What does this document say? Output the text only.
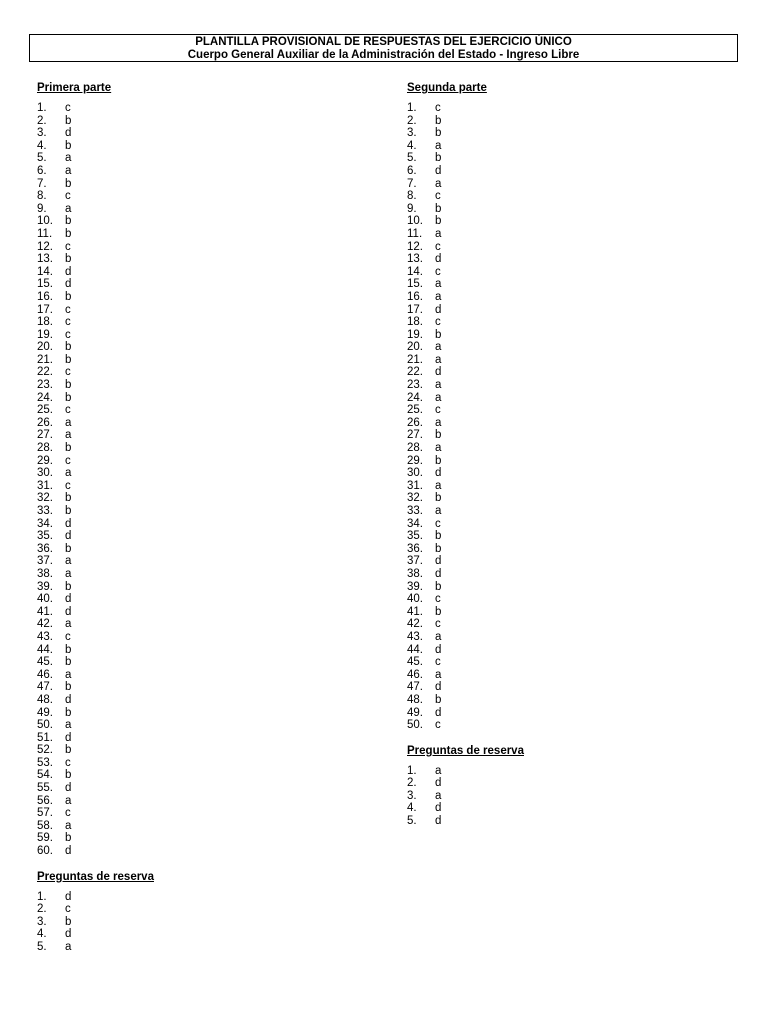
PLANTILLA PROVISIONAL DE RESPUESTAS DEL EJERCICIO ÚNICO
Cuerpo General Auxiliar de la Administración del Estado - Ingreso Libre
Primera parte
1.	c
2.	b
3.	d
4.	b
5.	a
6.	a
7.	b
8.	c
9.	a
10.	b
11.	b
12.	c
13.	b
14.	d
15.	d
16.	b
17.	c
18.	c
19.	c
20.	b
21.	b
22.	c
23.	b
24.	b
25.	c
26.	a
27.	a
28.	b
29.	c
30.	a
31.	c
32.	b
33.	b
34.	d
35.	d
36.	b
37.	a
38.	a
39.	b
40.	d
41.	d
42.	a
43.	c
44.	b
45.	b
46.	a
47.	b
48.	d
49.	b
50.	a
51.	d
52.	b
53.	c
54.	b
55.	d
56.	a
57.	c
58.	a
59.	b
60.	d
Preguntas de reserva
1.	d
2.	c
3.	b
4.	d
5.	a
Segunda parte
1.	c
2.	b
3.	b
4.	a
5.	b
6.	d
7.	a
8.	c
9.	b
10.	b
11.	a
12.	c
13.	d
14.	c
15.	a
16.	a
17.	d
18.	c
19.	b
20.	a
21.	a
22.	d
23.	a
24.	a
25.	c
26.	a
27.	b
28.	a
29.	b
30.	d
31.	a
32.	b
33.	a
34.	c
35.	b
36.	b
37.	d
38.	d
39.	b
40.	c
41.	b
42.	c
43.	a
44.	d
45.	c
46.	a
47.	d
48.	b
49.	d
50.	c
Preguntas de reserva
1.	a
2.	d
3.	a
4.	d
5.	d
